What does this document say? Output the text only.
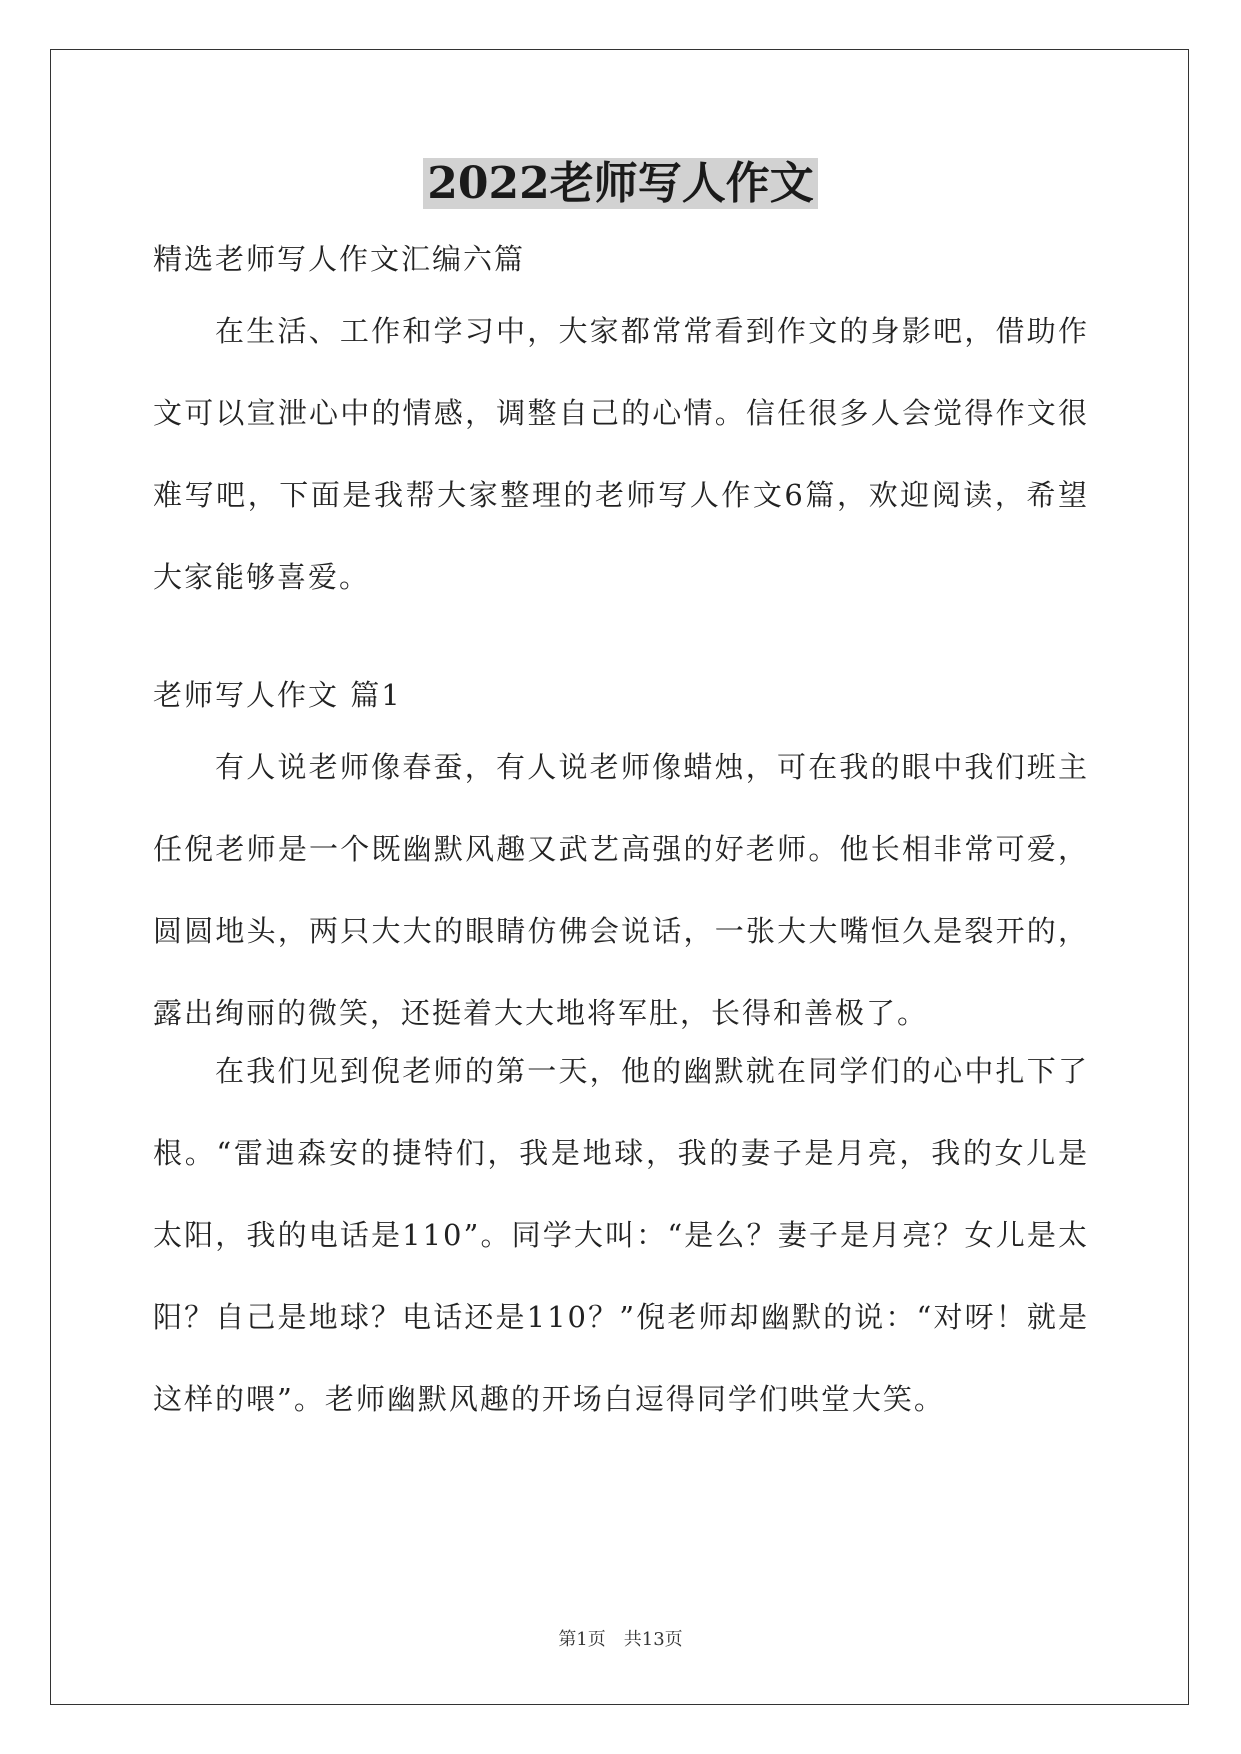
2022老师写人作文
精选老师写人作文汇编六篇
在生活、工作和学习中，大家都常常看到作文的身影吧，借助作文可以宣泄心中的情感，调整自己的心情。信任很多人会觉得作文很难写吧，下面是我帮大家整理的老师写人作文6篇，欢迎阅读，希望大家能够喜爱。
老师写人作文 篇1
有人说老师像春蚕，有人说老师像蜡烛，可在我的眼中我们班主任倪老师是一个既幽默风趣又武艺高强的好老师。他长相非常可爱，圆圆地头，两只大大的眼睛仿佛会说话，一张大大嘴恒久是裂开的，露出绚丽的微笑，还挺着大大地将军肚，长得和善极了。
在我们见到倪老师的第一天，他的幽默就在同学们的心中扎下了根。“雷迪森安的捷特们，我是地球，我的妻子是月亮，我的女儿是太阳，我的电话是110”。同学大叫：“是么？妻子是月亮？女儿是太阳？自己是地球？电话还是110？”倪老师却幽默的说：“对呀！就是这样的喂”。老师幽默风趣的开场白逗得同学们哄堂大笑。
第1页 共13页
